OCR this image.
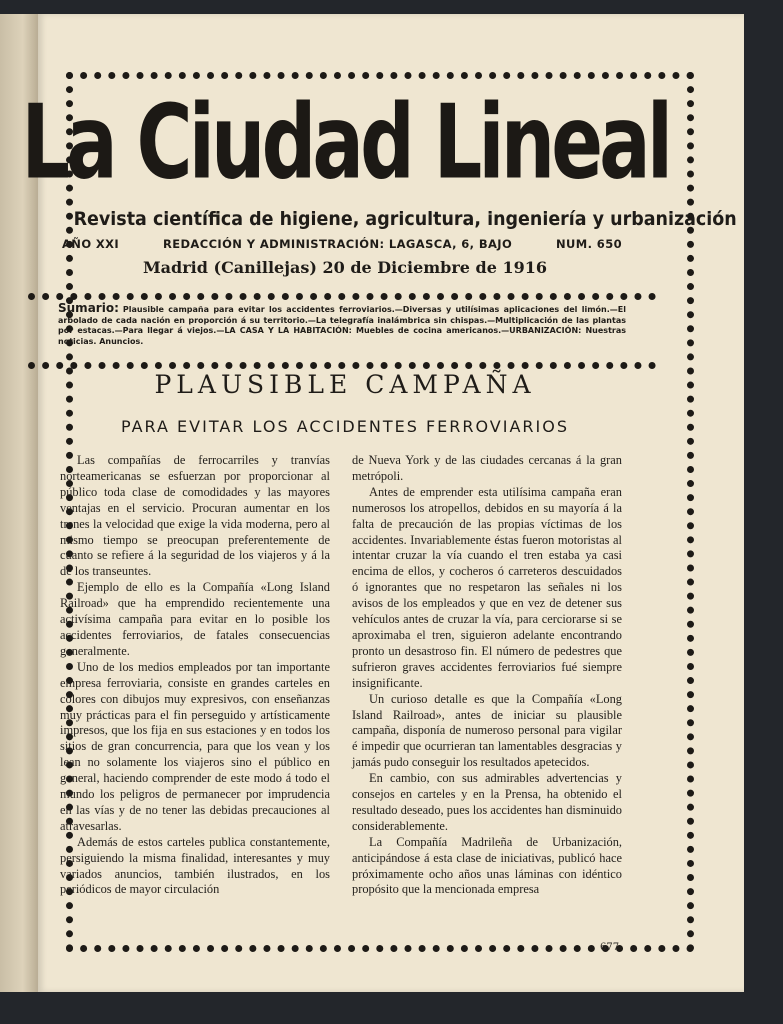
La Ciudad Lineal
Revista científica de higiene, agricultura, ingeniería y urbanización
AÑO XXI	REDACCIÓN Y ADMINISTRACIÓN: LAGASCA, 6, BAJO	NUM. 650
Madrid (Canillejas) 20 de Diciembre de 1916
Sumario: Plausible campaña para evitar los accidentes ferroviarios.—Diversas y utilísimas aplicaciones del limón.—El arbolado de cada nación en proporción á su territorio.—La telegrafía inalámbrica sin chispas.—Multiplicación de las plantas por estacas.—Para llegar á viejos.—LA CASA Y LA HABITACIÓN: Muebles de cocina americanos.—URBANIZACIÓN: Nuestras noticias. Anuncios.
PLAUSIBLE CAMPAÑA
PARA EVITAR LOS ACCIDENTES FERROVIARIOS

Las compañías de ferrocarriles y tranvías norteamericanas se esfuerzan por proporcionar al público toda clase de comodidades y las mayores ventajas en el servicio. Procuran aumentar en los trenes la velocidad que exige la vida moderna, pero al mismo tiempo se preocupan preferentemente de cuanto se refiere á la seguridad de los viajeros y á la de los transeuntes.

Ejemplo de ello es la Compañía «Long Island Railroad» que ha emprendido recientemente una activísima campaña para evitar en lo posible los accidentes ferroviarios, de fatales consecuencias generalmente.

Uno de los medios empleados por tan importante empresa ferroviaria, consiste en grandes carteles en colores con dibujos muy expresivos, con enseñanzas muy prácticas para el fin perseguido y artísticamente impresos, que los fija en sus estaciones y en todos los sitios de gran concurrencia, para que los vean y los lean no solamente los viajeros sino el público en general, haciendo comprender de este modo á todo el mundo los peligros de permanecer por imprudencia en las vías y de no tener las debidas precauciones al atravesarlas.

Además de estos carteles publica constantemente, persiguiendo la misma finalidad, interesantes y muy variados anuncios, también ilustrados, en los periódicos de mayor circulación

de Nueva York y de las ciudades cercanas á la gran metrópoli.

Antes de emprender esta utilísima campaña eran numerosos los atropellos, debidos en su mayoría á la falta de precaución de las propias víctimas de los accidentes. Invariablemente éstas fueron motoristas al intentar cruzar la vía cuando el tren estaba ya casi encima de ellos, y cocheros ó carreteros descuidados ó ignorantes que no respetaron las señales ni los avisos de los empleados y que en vez de detener sus vehículos antes de cruzar la vía, para cerciorarse si se aproximaba el tren, siguieron adelante encontrando pronto un desastroso fin. El número de pedestres que sufrieron graves accidentes ferroviarios fué siempre insignificante.

Un curioso detalle es que la Compañía «Long Island Railroad», antes de iniciar su plausible campaña, disponía de numeroso personal para vigilar é impedir que ocurrieran tan lamentables desgracias y jamás pudo conseguir los resultados apetecidos.

En cambio, con sus admirables advertencias y consejos en carteles y en la Prensa, ha obtenido el resultado deseado, pues los accidentes han disminuido considerablemente.

La Compañía Madrileña de Urbanización, anticipándose á esta clase de iniciativas, publicó hace próximamente ocho años unas láminas con idéntico propósito que la mencionada empresa

677
